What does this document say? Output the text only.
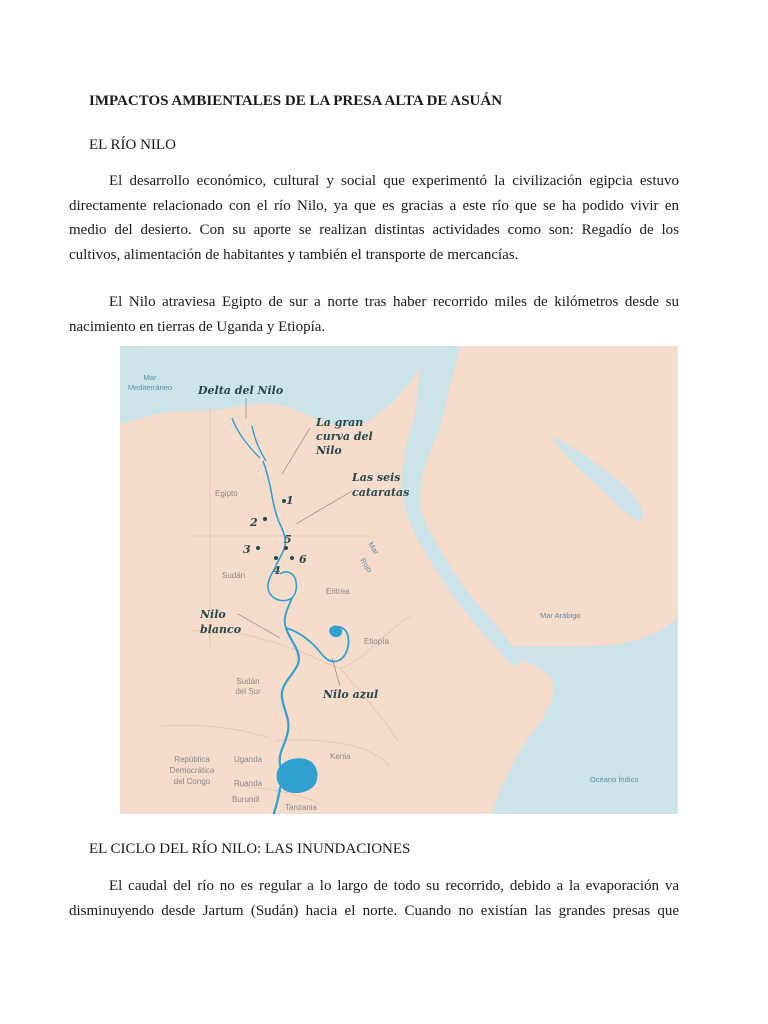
IMPACTOS AMBIENTALES DE LA PRESA ALTA DE ASUÁN
EL RÍO NILO
El desarrollo económico, cultural y social que experimentó la civilización egipcia estuvo
directamente relacionado con el río Nilo, ya que es gracias a este río que se ha podido vivir en
medio del desierto. Con su aporte se realizan distintas actividades como son: Regadío de los
cultivos, alimentación de habitantes y también el transporte de mercancías.
El Nilo atraviesa Egipto de sur a norte tras haber recorrido miles de kilómetros desde su
nacimiento en tierras de Uganda y Etiopía.
Mar
Mediterráneo
Mar
Rojo
Mar Arábigo
Océano Índico
Egipto
Sudán
Eritrea
Etiopía
Sudán
del Sur
Uganda	Kenia
República
Democrática
del Congo	Ruanda
Burundi
Tanzania
Delta del Nilo
La gran
curva del
Nilo
Las seis
cataratas
Nilo
blanco
Nilo azul
1
2
3
4
5
6
EL CICLO DEL RÍO NILO: LAS INUNDACIONES
El caudal del río no es regular a lo largo de todo su recorrido, debido a la evaporación va
disminuyendo desde Jartum (Sudán) hacia el norte. Cuando no existían las grandes presas que
